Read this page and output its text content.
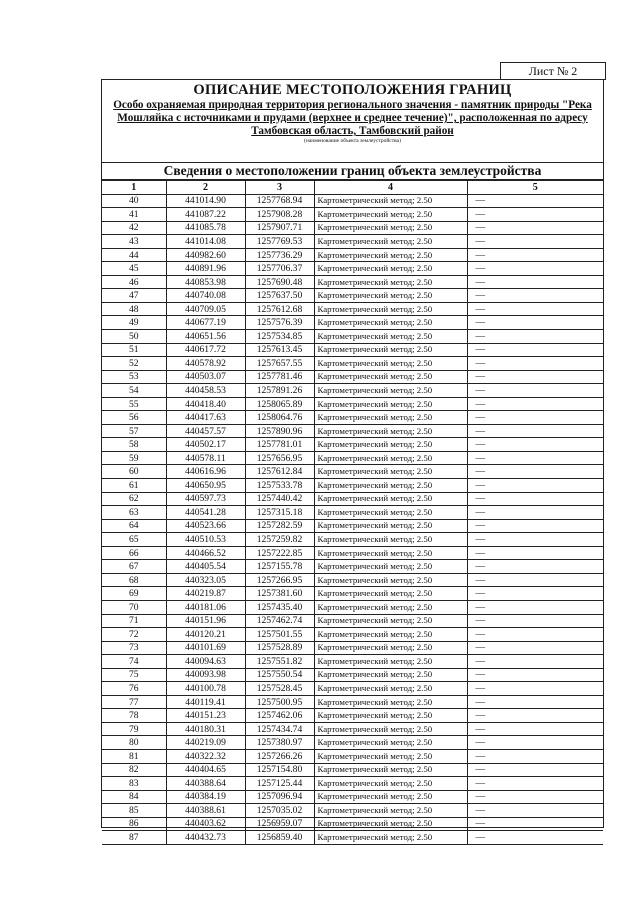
Лист № 2
ОПИСАНИЕ МЕСТОПОЛОЖЕНИЯ ГРАНИЦ
Особо охраняемая природная территория регионального значения - памятник природы "Река
Мошляйка с источниками и прудами (верхнее и среднее течение)", расположенная по адресу
Тамбовская область, Тамбовский район
(наименование объекта землеустройства)
Сведения о местоположении границ объекта землеустройства
1	2	3	4	5
40	441014.90	1257768.94	Картометрический метод; 2.50	—
41	441087.22	1257908.28	Картометрический метод; 2.50	—
42	441085.78	1257907.71	Картометрический метод; 2.50	—
43	441014.08	1257769.53	Картометрический метод; 2.50	—
44	440982.60	1257736.29	Картометрический метод; 2.50	—
45	440891.96	1257706.37	Картометрический метод; 2.50	—
46	440853.98	1257690.48	Картометрический метод; 2.50	—
47	440740.08	1257637.50	Картометрический метод; 2.50	—
48	440709.05	1257612.68	Картометрический метод; 2.50	—
49	440677.19	1257576.39	Картометрический метод; 2.50	—
50	440651.56	1257534.85	Картометрический метод; 2.50	—
51	440617.72	1257613.45	Картометрический метод; 2.50	—
52	440578.92	1257657.55	Картометрический метод; 2.50	—
53	440503.07	1257781.46	Картометрический метод; 2.50	—
54	440458.53	1257891.26	Картометрический метод; 2.50	—
55	440418.40	1258065.89	Картометрический метод; 2.50	—
56	440417.63	1258064.76	Картометрический метод; 2.50	—
57	440457.57	1257890.96	Картометрический метод; 2.50	—
58	440502.17	1257781.01	Картометрический метод; 2.50	—
59	440578.11	1257656.95	Картометрический метод; 2.50	—
60	440616.96	1257612.84	Картометрический метод; 2.50	—
61	440650.95	1257533.78	Картометрический метод; 2.50	—
62	440597.73	1257440.42	Картометрический метод; 2.50	—
63	440541.28	1257315.18	Картометрический метод; 2.50	—
64	440523.66	1257282.59	Картометрический метод; 2.50	—
65	440510.53	1257259.82	Картометрический метод; 2.50	—
66	440466.52	1257222.85	Картометрический метод; 2.50	—
67	440405.54	1257155.78	Картометрический метод; 2.50	—
68	440323.05	1257266.95	Картометрический метод; 2.50	—
69	440219.87	1257381.60	Картометрический метод; 2.50	—
70	440181.06	1257435.40	Картометрический метод; 2.50	—
71	440151.96	1257462.74	Картометрический метод; 2.50	—
72	440120.21	1257501.55	Картометрический метод; 2.50	—
73	440101.69	1257528.89	Картометрический метод; 2.50	—
74	440094.63	1257551.82	Картометрический метод; 2.50	—
75	440093.98	1257550.54	Картометрический метод; 2.50	—
76	440100.78	1257528.45	Картометрический метод; 2.50	—
77	440119.41	1257500.95	Картометрический метод; 2.50	—
78	440151.23	1257462.06	Картометрический метод; 2.50	—
79	440180.31	1257434.74	Картометрический метод; 2.50	—
80	440219.09	1257380.97	Картометрический метод; 2.50	—
81	440322.32	1257266.26	Картометрический метод; 2.50	—
82	440404.65	1257154.80	Картометрический метод; 2.50	—
83	440388.64	1257125.44	Картометрический метод; 2.50	—
84	440384.19	1257096.94	Картометрический метод; 2.50	—
85	440388.61	1257035.02	Картометрический метод; 2.50	—
86	440403.62	1256959.07	Картометрический метод; 2.50	—
87	440432.73	1256859.40	Картометрический метод; 2.50	—
